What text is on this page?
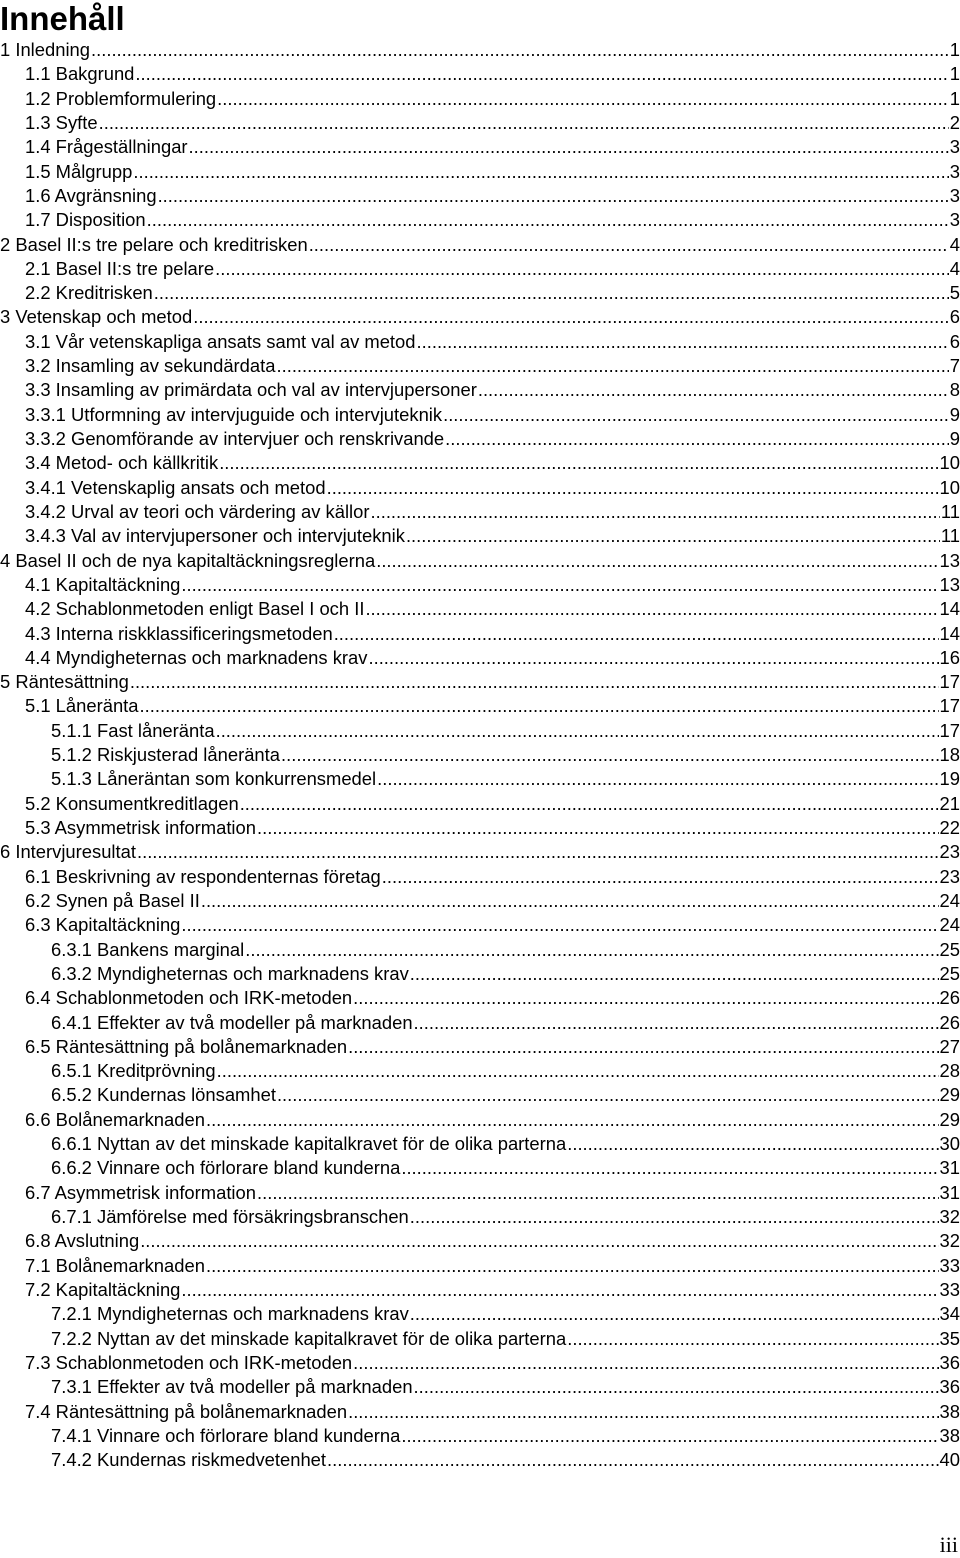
Innehåll
1 Inledning .....	1
1.1 Bakgrund .....	1
1.2 Problemformulering .....	1
1.3 Syfte .....	2
1.4 Frågeställningar .....	3
1.5 Målgrupp .....	3
1.6 Avgränsning .....	3
1.7 Disposition .....	3
2 Basel II:s tre pelare och kreditrisken .....	4
2.1 Basel II:s tre pelare .....	4
2.2 Kreditrisken .....	5
3 Vetenskap och metod .....	6
3.1 Vår vetenskapliga ansats samt val av metod .....	6
3.2 Insamling av sekundärdata .....	7
3.3 Insamling av primärdata och val av intervjupersoner .....	8
3.3.1 Utformning av intervjuguide och intervjuteknik .....	9
3.3.2 Genomförande av intervjuer och renskrivande .....	9
3.4 Metod- och källkritik .....	10
3.4.1 Vetenskaplig ansats och metod .....	10
3.4.2 Urval av teori och värdering av källor .....	11
3.4.3 Val av intervjupersoner och intervjuteknik .....	11
4 Basel II och de nya kapitaltäckningsreglerna .....	13
4.1 Kapitaltäckning .....	13
4.2 Schablonmetoden enligt Basel I och II .....	14
4.3 Interna riskklassificeringsmetoden .....	14
4.4 Myndigheternas och marknadens krav .....	16
5 Räntesättning .....	17
5.1 Låneränta .....	17
5.1.1 Fast låneränta .....	17
5.1.2 Riskjusterad låneränta .....	18
5.1.3 Låneräntan som konkurrensmedel .....	19
5.2 Konsumentkreditlagen .....	21
5.3 Asymmetrisk information .....	22
6 Intervjuresultat .....	23
6.1 Beskrivning av respondenternas företag .....	23
6.2 Synen på Basel II .....	24
6.3 Kapitaltäckning .....	24
6.3.1 Bankens marginal .....	25
6.3.2 Myndigheternas och marknadens krav .....	25
6.4 Schablonmetoden och IRK-metoden .....	26
6.4.1 Effekter av två modeller på marknaden .....	26
6.5 Räntesättning på bolånemarknaden .....	27
6.5.1 Kreditprövning .....	28
6.5.2 Kundernas lönsamhet .....	29
6.6 Bolånemarknaden .....	29
6.6.1 Nyttan av det minskade kapitalkravet för de olika parterna .....	30
6.6.2 Vinnare och förlorare bland kunderna .....	31
6.7 Asymmetrisk information .....	31
6.7.1 Jämförelse med försäkringsbranschen .....	32
6.8 Avslutning .....	32
7.1 Bolånemarknaden .....	33
7.2 Kapitaltäckning .....	33
7.2.1 Myndigheternas och marknadens krav .....	34
7.2.2 Nyttan av det minskade kapitalkravet för de olika parterna .....	35
7.3 Schablonmetoden och IRK-metoden .....	36
7.3.1 Effekter av två modeller på marknaden .....	36
7.4 Räntesättning på bolånemarknaden .....	38
7.4.1 Vinnare och förlorare bland kunderna .....	38
7.4.2 Kundernas riskmedvetenhet .....	40
iii
